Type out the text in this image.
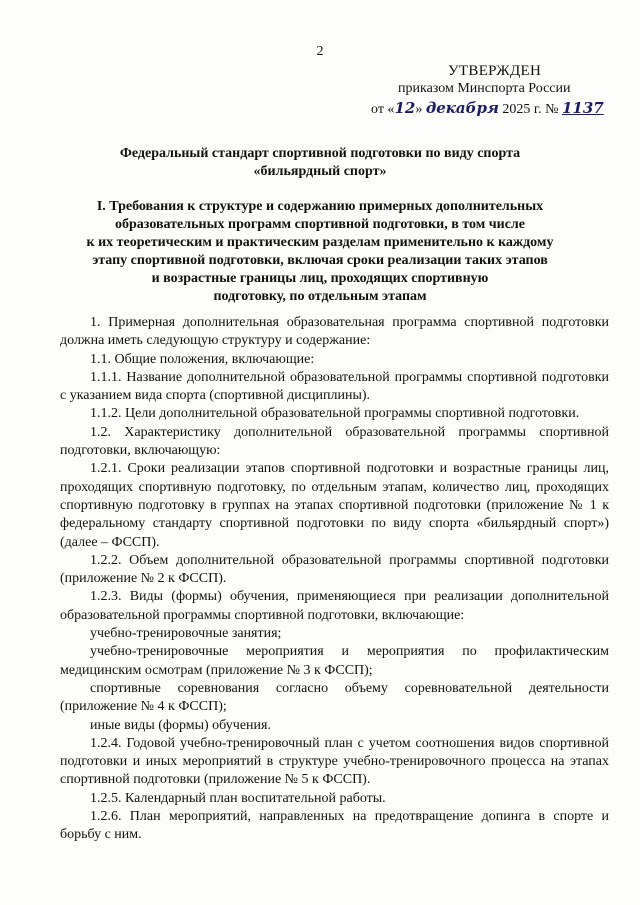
2
УТВЕРЖДЕН
приказом Минспорта России
от «12» декабря 2025 г. № 1137
Федеральный стандарт спортивной подготовки по виду спорта
«бильярдный спорт»
I. Требования к структуре и содержанию примерных дополнительных
образовательных программ спортивной подготовки, в том числе
к их теоретическим и практическим разделам применительно к каждому
этапу спортивной подготовки, включая сроки реализации таких этапов
и возрастные границы лиц, проходящих спортивную
подготовку, по отдельным этапам

1. Примерная дополнительная образовательная программа спортивной подготовки должна иметь следующую структуру и содержание:

1.1. Общие положения, включающие:

1.1.1. Название дополнительной образовательной программы спортивной подготовки с указанием вида спорта (спортивной дисциплины).

1.1.2. Цели дополнительной образовательной программы спортивной подготовки.

1.2. Характеристику дополнительной образовательной программы спортивной подготовки, включающую:

1.2.1. Сроки реализации этапов спортивной подготовки и возрастные границы лиц, проходящих спортивную подготовку, по отдельным этапам, количество лиц, проходящих спортивную подготовку в группах на этапах спортивной подготовки (приложение № 1 к федеральному стандарту спортивной подготовки по виду спорта «бильярдный спорт») (далее – ФССП).

1.2.2. Объем дополнительной образовательной программы спортивной подготовки (приложение № 2 к ФССП).

1.2.3. Виды (формы) обучения, применяющиеся при реализации дополнительной образовательной программы спортивной подготовки, включающие:

учебно-тренировочные занятия;

учебно-тренировочные мероприятия и мероприятия по профилактическим медицинским осмотрам (приложение № 3 к ФССП);

спортивные соревнования согласно объему соревновательной деятельности (приложение № 4 к ФССП);

иные виды (формы) обучения.

1.2.4. Годовой учебно-тренировочный план с учетом соотношения видов спортивной подготовки и иных мероприятий в структуре учебно-тренировочного процесса на этапах спортивной подготовки (приложение № 5 к ФССП).

1.2.5. Календарный план воспитательной работы.

1.2.6. План мероприятий, направленных на предотвращение допинга в спорте и борьбу с ним.
